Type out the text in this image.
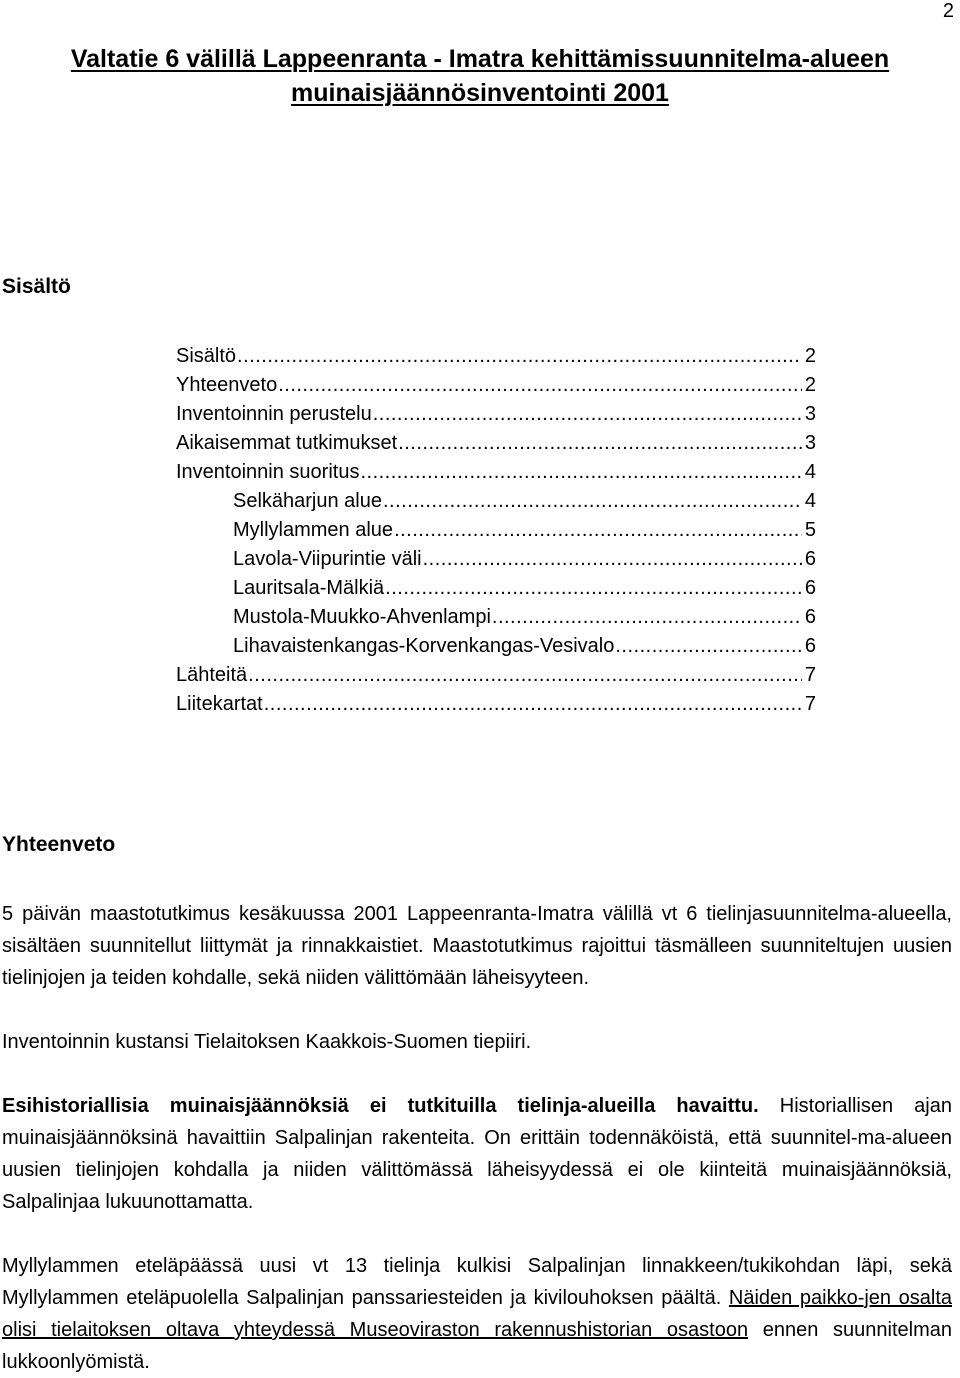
2
Valtatie 6 välillä Lappeenranta - Imatra kehittämissuunnitelma-alueen
muinaisjäännösinventointi 2001
Sisältö
Sisältö .....	2
Yhteenveto .....	2
Inventoinnin perustelu .....	3
Aikaisemmat tutkimukset .....	3
Inventoinnin suoritus .....	4
Selkäharjun alue .....	4
Myllylammen alue .....	5
Lavola-Viipurintie väli .....	6
Lauritsala-Mälkiä .....	6
Mustola-Muukko-Ahvenlampi .....	6
Lihavaistenkangas-Korvenkangas-Vesivalo .....	6
Lähteitä .....	7
Liitekartat .....	7
Yhteenveto

5 päivän maastotutkimus kesäkuussa 2001 Lappeenranta-Imatra välillä vt 6 tielinjasuunnitelma-alueella, sisältäen suunnitellut liittymät ja rinnakkaistiet. Maastotutkimus rajoittui täsmälleen suunniteltujen uusien tielinjojen ja teiden kohdalle, sekä niiden välittömään läheisyyteen.

Inventoinnin kustansi Tielaitoksen Kaakkois-Suomen tiepiiri.

Esihistoriallisia muinaisjäännöksiä ei tutkituilla tielinja-alueilla havaittu. Historiallisen ajan muinaisjäännöksinä havaittiin Salpalinjan rakenteita. On erittäin todennäköistä, että suunnitel-ma-alueen uusien tielinjojen kohdalla ja niiden välittömässä läheisyydessä ei ole kiinteitä muinaisjäännöksiä, Salpalinjaa lukuunottamatta.

Myllylammen eteläpäässä uusi vt 13 tielinja kulkisi Salpalinjan linnakkeen/tukikohdan läpi, sekä Myllylammen eteläpuolella Salpalinjan panssariesteiden ja kivilouhoksen päältä. Näiden paikko-jen osalta olisi tielaitoksen oltava yhteydessä Museoviraston rakennushistorian osastoon ennen suunnitelman lukkoonlyömistä.
